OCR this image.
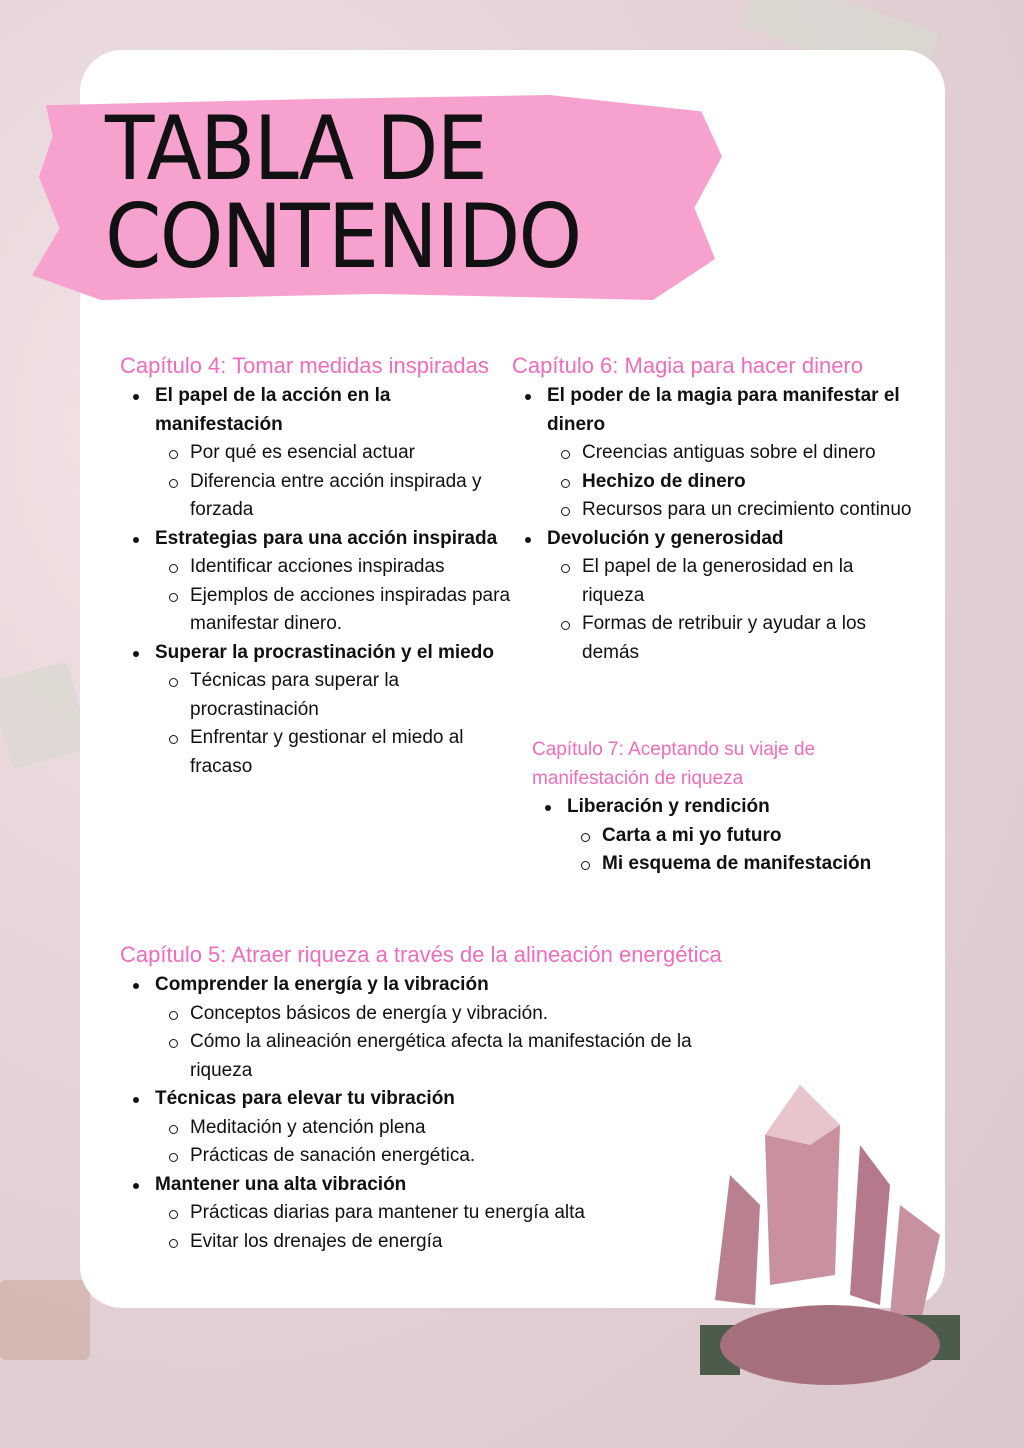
TABLA DE
CONTENIDO
Capítulo 4: Tomar medidas inspiradas
El papel de la acción en la manifestación
Por qué es esencial actuar
Diferencia entre acción inspirada y forzada
Estrategias para una acción inspirada
Identificar acciones inspiradas
Ejemplos de acciones inspiradas para manifestar dinero.
Superar la procrastinación y el miedo
Técnicas para superar la procrastinación
Enfrentar y gestionar el miedo al fracaso
Capítulo 6: Magia para hacer dinero
El poder de la magia para manifestar el dinero
Creencias antiguas sobre el dinero
Hechizo de dinero
Recursos para un crecimiento continuo
Devolución y generosidad
El papel de la generosidad en la riqueza
Formas de retribuir y ayudar a los demás
Capítulo 7: Aceptando su viaje de manifestación de riqueza
Liberación y rendición
Carta a mi yo futuro
Mi esquema de manifestación
Capítulo 5: Atraer riqueza a través de la alineación energética
Comprender la energía y la vibración
Conceptos básicos de energía y vibración.
Cómo la alineación energética afecta la manifestación de la riqueza
Técnicas para elevar tu vibración
Meditación y atención plena
Prácticas de sanación energética.
Mantener una alta vibración
Prácticas diarias para mantener tu energía alta
Evitar los drenajes de energía
